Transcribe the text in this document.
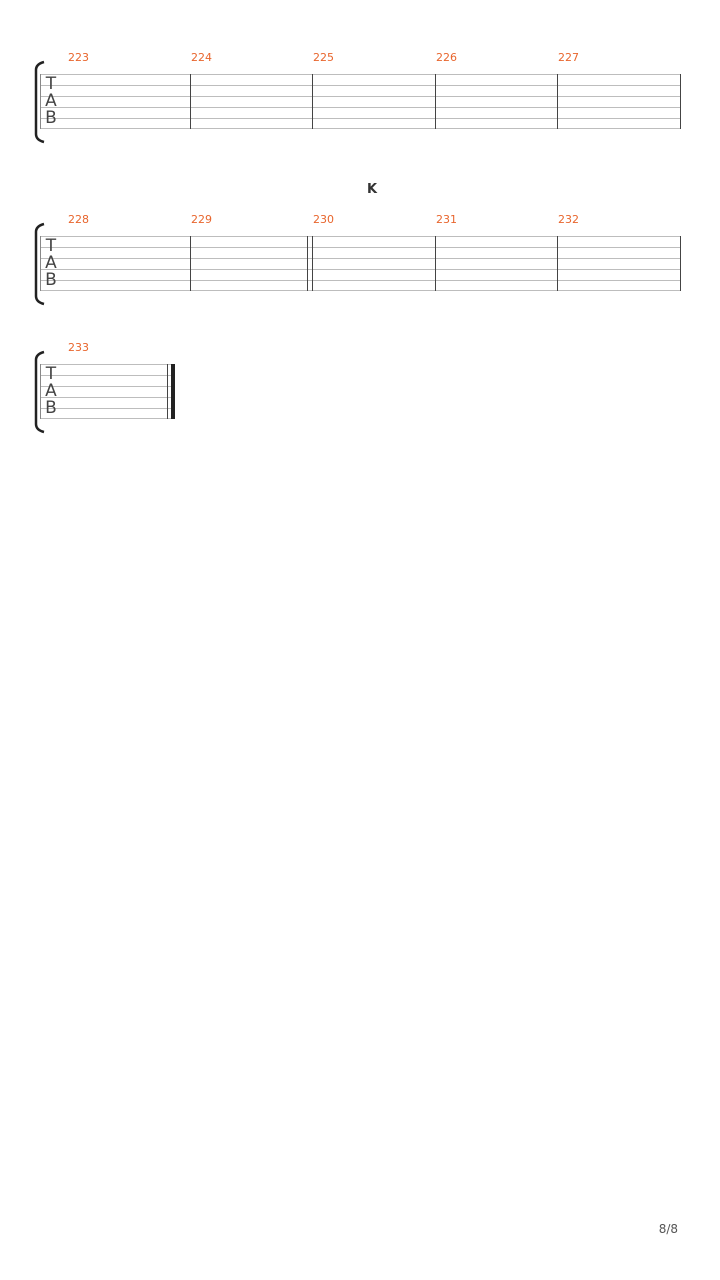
T
A
B
223	224	225	226	227
K
T
A
B
228	229	230	231	232
T
A
B
233
8/8
